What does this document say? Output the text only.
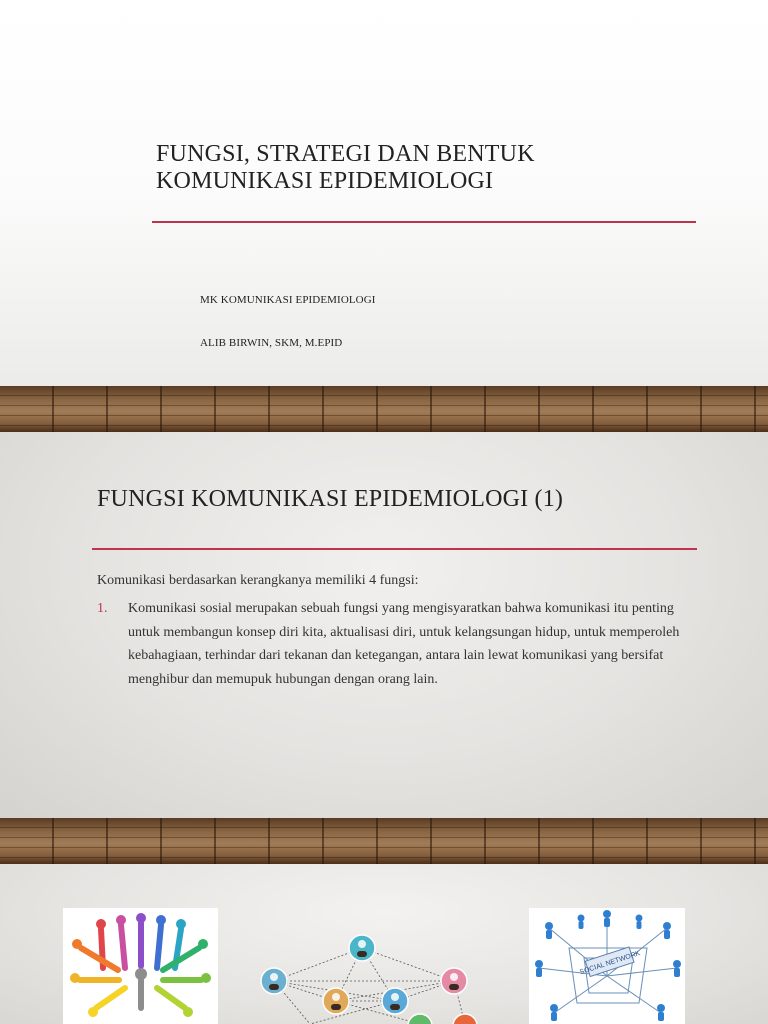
FUNGSI, STRATEGI DAN BENTUK KOMUNIKASI EPIDEMIOLOGI
MK KOMUNIKASI EPIDEMIOLOGI
ALIB BIRWIN, SKM, M.EPID
FUNGSI KOMUNIKASI EPIDEMIOLOGI (1)
Komunikasi berdasarkan kerangkanya memiliki 4 fungsi:
1. Komunikasi sosial merupakan sebuah fungsi yang mengisyaratkan bahwa komunikasi itu penting untuk membangun konsep diri kita, aktualisasi diri, untuk kelangsungan hidup, untuk memperoleh kebahagiaan, terhindar dari tekanan dan ketegangan, antara lain lewat komunikasi yang bersifat menghibur dan memupuk hubungan dengan orang lain.
SOCIAL NETWORK
